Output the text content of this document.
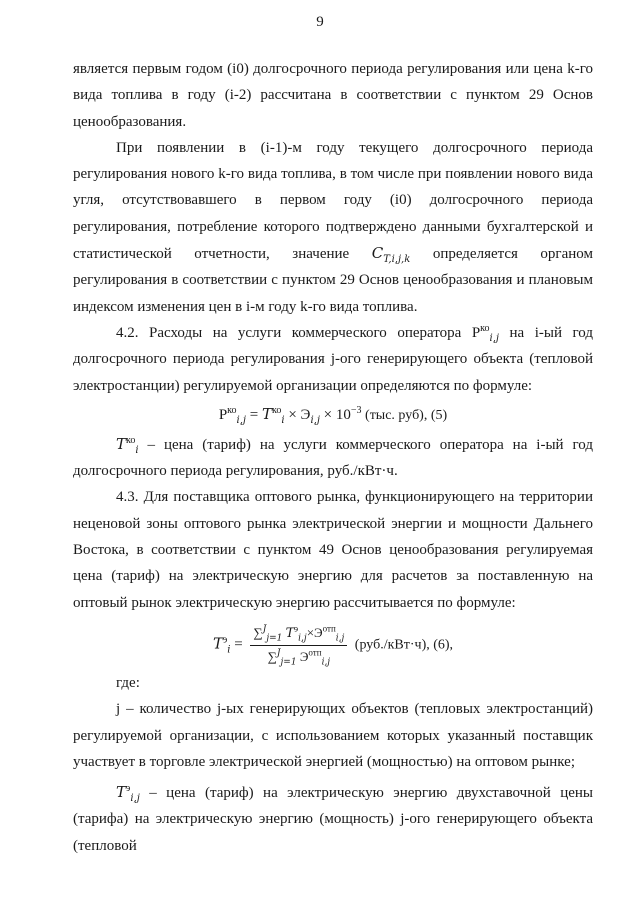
9

является первым годом (i0) долгосрочного периода регулирования или цена k-го вида топлива в году (i-2) рассчитана в соответствии с пунктом 29 Основ ценообразования.

При появлении в (i-1)-м году текущего долгосрочного периода регулирования нового k-го вида топлива, в том числе при появлении нового вида угля, отсутствовавшего в первом году (i0) долгосрочного периода регулирования, потребление которого подтверждено данными бухгалтерской и статистической отчетности, значение $С_{T,i,j,k}$ определяется органом регулирования в соответствии с пунктом 29 Основ ценообразования и плановым индексом изменения цен в i-м году k-го вида топлива.

4.2. Расходы на услуги коммерческого оператора $Р^{ко}_{i,j}$ на i-ый год долгосрочного периода регулирования j-ого генерирующего объекта (тепловой электростанции) регулируемой организации определяются по формуле:

$Р^{ко}_{i,j} = T^{ко}_i \times Э_{i,j} \times 10^{-3}$ (тыс. руб), (5)

$T^{ко}_i$ – цена (тариф) на услуги коммерческого оператора на i-ый год долгосрочного периода регулирования, руб./кВт·ч.

4.3. Для поставщика оптового рынка, функционирующего на территории неценовой зоны оптового рынка электрической энергии и мощности Дальнего Востока, в соответствии с пунктом 49 Основ ценообразования регулируемая цена (тариф) на электрическую энергию для расчетов за поставленную на оптовый рынок электрическую энергию рассчитывается по формуле:

$T^э_i = \frac{\sum^J_{j=1} T^э_{i,j}\times Э^{отп}_{i,j}}{\sum^J_{j=1} Э^{отп}_{i,j}} (руб./кВт\cdot ч)$, (6),

где:

j – количество j-ых генерирующих объектов (тепловых электростанций) регулируемой организации, с использованием которых указанный поставщик участвует в торговле электрической энергией (мощностью) на оптовом рынке;

$T^э_{i,j}$ – цена (тариф) на электрическую энергию двухставочной цены (тарифа) на электрическую энергию (мощность) j-ого генерирующего объекта (тепловой
